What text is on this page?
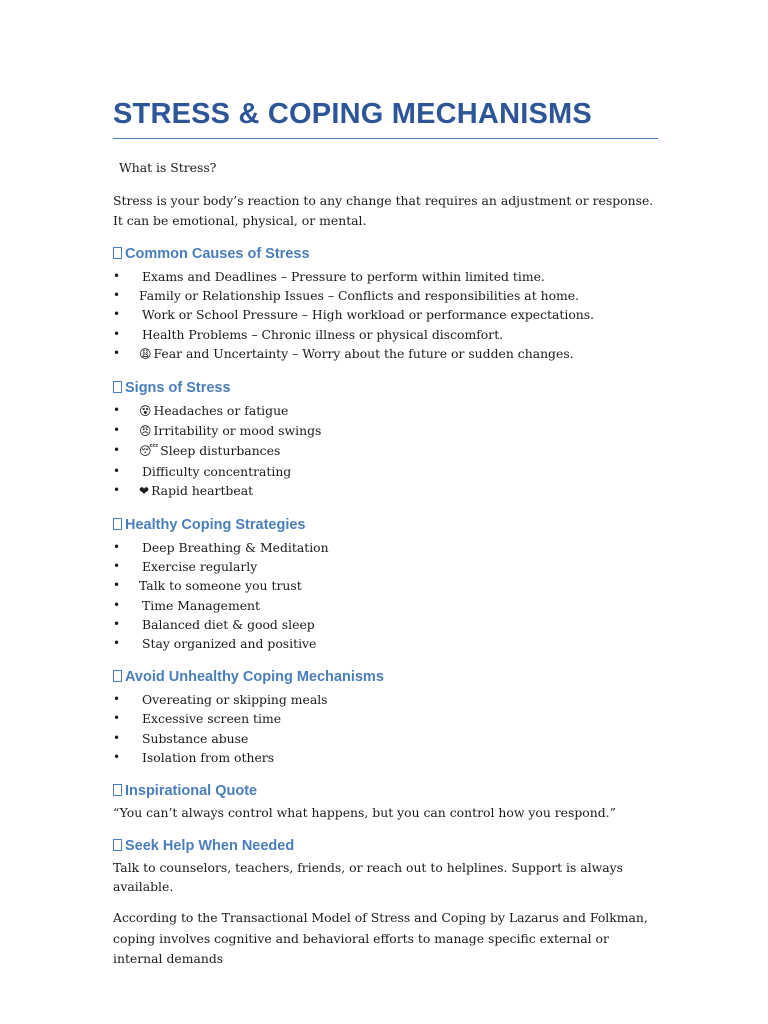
STRESS & COPING MECHANISMS

What is Stress?

Stress is your body’s reaction to any change that requires an adjustment or response. It can be emotional, physical, or mental.

Common Causes of Stress
• Exams and Deadlines – Pressure to perform within limited time.
• Family or Relationship Issues – Conflicts and responsibilities at home.
• Work or School Pressure – High workload or performance expectations.
• Health Problems – Chronic illness or physical discomfort.
• 😩 Fear and Uncertainty – Worry about the future or sudden changes.
Signs of Stress
• 😵 Headaches or fatigue
• 😠 Irritability or mood swings
• 😴 Sleep disturbances
• Difficulty concentrating
• ❤ Rapid heartbeat
Healthy Coping Strategies
• Deep Breathing & Meditation
• Exercise regularly
• Talk to someone you trust
• Time Management
• Balanced diet & good sleep
• Stay organized and positive
Avoid Unhealthy Coping Mechanisms
• Overeating or skipping meals
• Excessive screen time
• Substance abuse
• Isolation from others
Inspirational Quote

“You can’t always control what happens, but you can control how you respond.”

Seek Help When Needed

Talk to counselors, teachers, friends, or reach out to helplines. Support is always available.

According to the Transactional Model of Stress and Coping by Lazarus and Folkman, coping involves cognitive and behavioral efforts to manage specific external or internal demands
